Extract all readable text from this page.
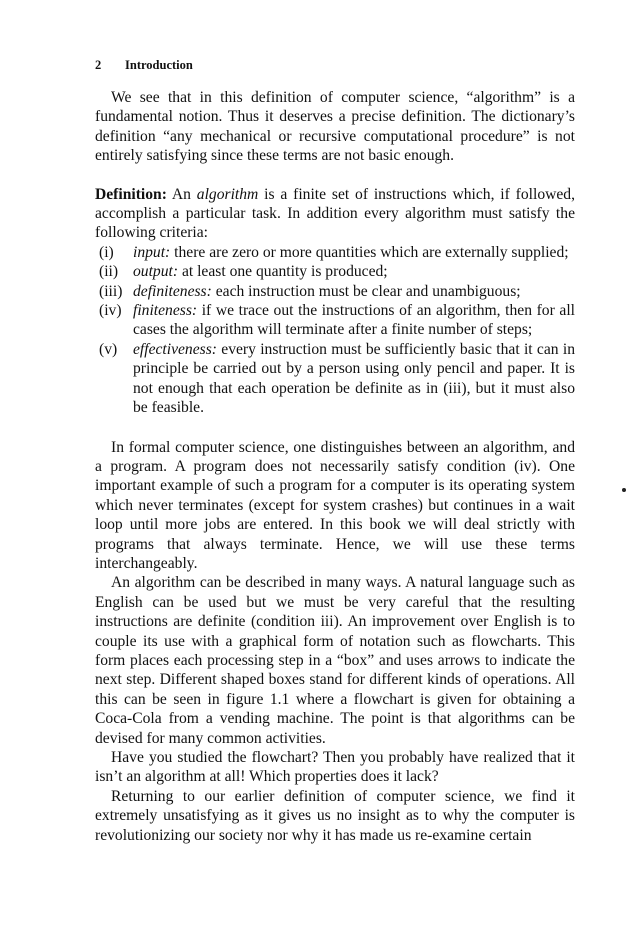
2 Introduction

We see that in this definition of computer science, “algorithm” is a fundamental notion. Thus it deserves a precise definition. The dictionary’s definition “any mechanical or recursive computational procedure” is not entirely satisfying since these terms are not basic enough.

Definition: An algorithm is a finite set of instructions which, if followed, accomplish a particular task. In addition every algorithm must satisfy the following criteria:

(i)	input: there are zero or more quantities which are externally supplied;
(ii) output: at least one quantity is produced;
(iii) definiteness: each instruction must be clear and unambiguous;
(iv) finiteness: if we trace out the instructions of an algorithm, then for all cases the algorithm will terminate after a finite number of steps;
(v)	effectiveness: every instruction must be sufficiently basic that it can in principle be carried out by a person using only pencil and paper. It is not enough that each operation be definite as in (iii), but it must also be feasible.

In formal computer science, one distinguishes between an algorithm, and a program. A program does not necessarily satisfy condition (iv). One important example of such a program for a computer is its operating system which never terminates (except for system crashes) but continues in a wait loop until more jobs are entered. In this book we will deal strictly with programs that always terminate. Hence, we will use these terms interchangeably.

An algorithm can be described in many ways. A natural language such as English can be used but we must be very careful that the resulting instructions are definite (condition iii). An improvement over English is to couple its use with a graphical form of notation such as flowcharts. This form places each processing step in a “box” and uses arrows to indicate the next step. Different shaped boxes stand for different kinds of operations. All this can be seen in figure 1.1 where a flowchart is given for obtaining a Coca-Cola from a vending machine. The point is that algorithms can be devised for many common activities.

Have you studied the flowchart? Then you probably have realized that it isn’t an algorithm at all! Which properties does it lack?

Returning to our earlier definition of computer science, we find it extremely unsatisfying as it gives us no insight as to why the computer is revolutionizing our society nor why it has made us re-examine certain
